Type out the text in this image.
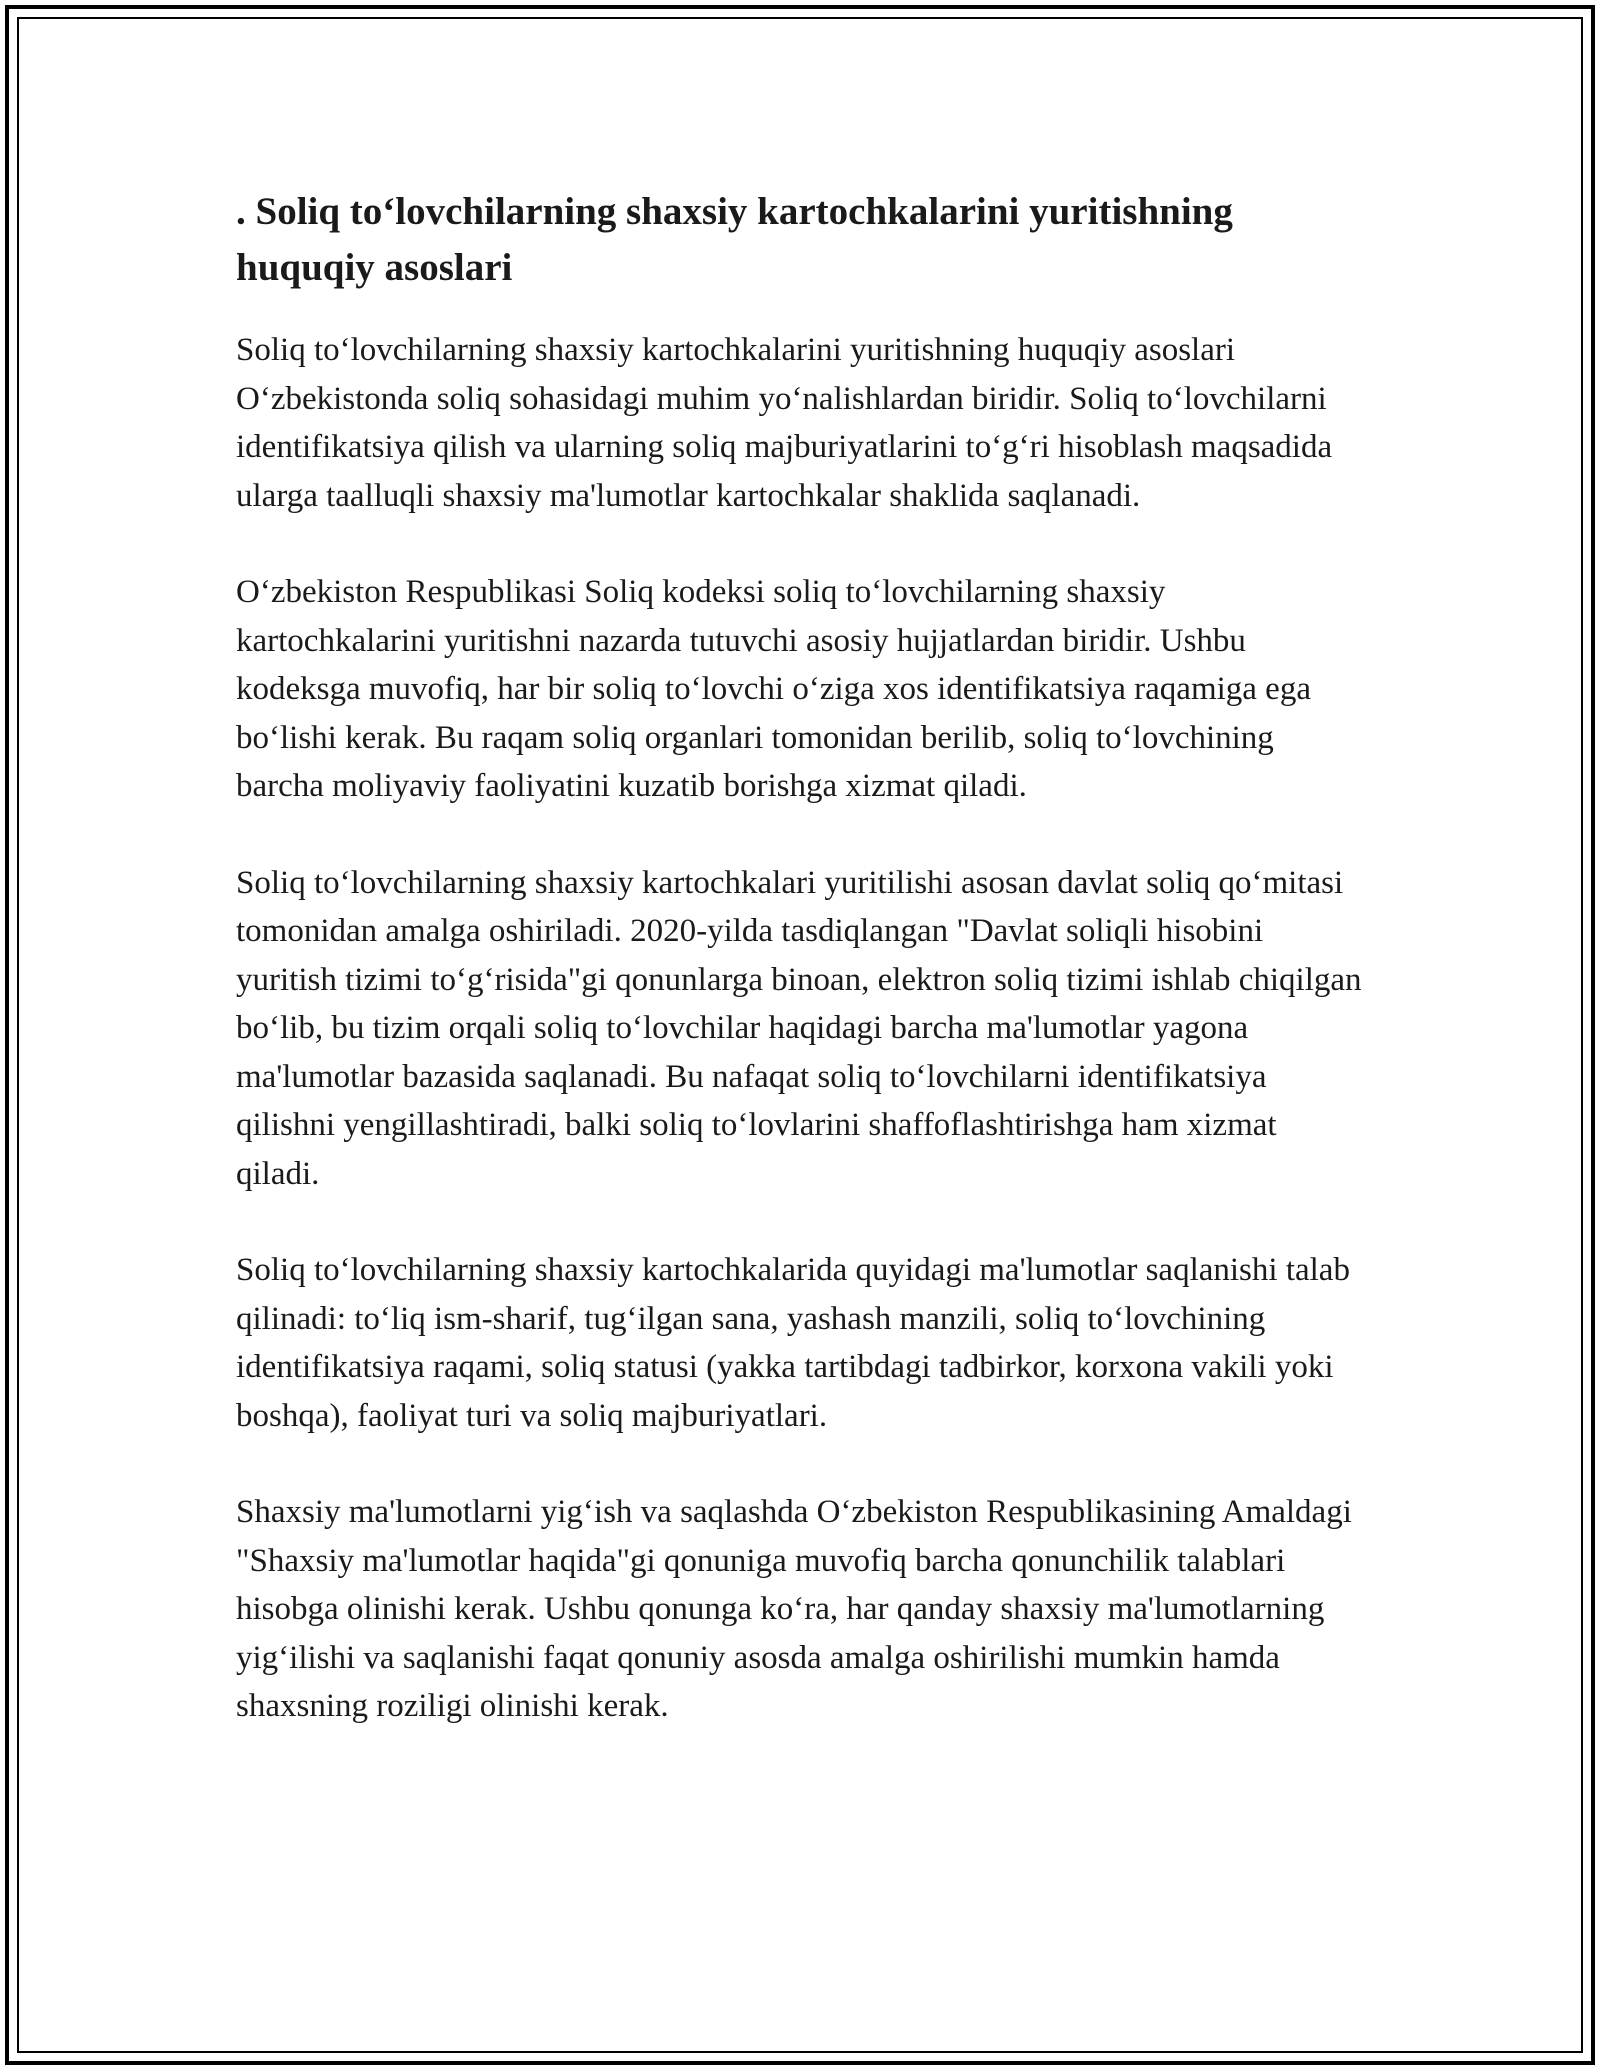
. Soliq to‘lovchilarning shaxsiy kartochkalarini yuritishning huquqiy asoslari

Soliq to‘lovchilarning shaxsiy kartochkalarini yuritishning huquqiy asoslari O‘zbekistonda soliq sohasidagi muhim yo‘nalishlardan biridir. Soliq to‘lovchilarni identifikatsiya qilish va ularning soliq majburiyatlarini to‘g‘ri hisoblash maqsadida ularga taalluqli shaxsiy ma'lumotlar kartochkalar shaklida saqlanadi.

O‘zbekiston Respublikasi Soliq kodeksi soliq to‘lovchilarning shaxsiy kartochkalarini yuritishni nazarda tutuvchi asosiy hujjatlardan biridir. Ushbu kodeksga muvofiq, har bir soliq to‘lovchi o‘ziga xos identifikatsiya raqamiga ega bo‘lishi kerak. Bu raqam soliq organlari tomonidan berilib, soliq to‘lovchining barcha moliyaviy faoliyatini kuzatib borishga xizmat qiladi.

Soliq to‘lovchilarning shaxsiy kartochkalari yuritilishi asosan davlat soliq qo‘mitasi tomonidan amalga oshiriladi. 2020-yilda tasdiqlangan "Davlat soliqli hisobini yuritish tizimi to‘g‘risida"gi qonunlarga binoan, elektron soliq tizimi ishlab chiqilgan bo‘lib, bu tizim orqali soliq to‘lovchilar haqidagi barcha ma'lumotlar yagona ma'lumotlar bazasida saqlanadi. Bu nafaqat soliq to‘lovchilarni identifikatsiya qilishni yengillashtiradi, balki soliq to‘lovlarini shaffoflashtirishga ham xizmat qiladi.

Soliq to‘lovchilarning shaxsiy kartochkalarida quyidagi ma'lumotlar saqlanishi talab qilinadi: to‘liq ism-sharif, tug‘ilgan sana, yashash manzili, soliq to‘lovchining identifikatsiya raqami, soliq statusi (yakka tartibdagi tadbirkor, korxona vakili yoki boshqa), faoliyat turi va soliq majburiyatlari.

Shaxsiy ma'lumotlarni yig‘ish va saqlashda O‘zbekiston Respublikasining Amaldagi "Shaxsiy ma'lumotlar haqida"gi qonuniga muvofiq barcha qonunchilik talablari hisobga olinishi kerak. Ushbu qonunga ko‘ra, har qanday shaxsiy ma'lumotlarning yig‘ilishi va saqlanishi faqat qonuniy asosda amalga oshirilishi mumkin hamda shaxsning roziligi olinishi kerak.
